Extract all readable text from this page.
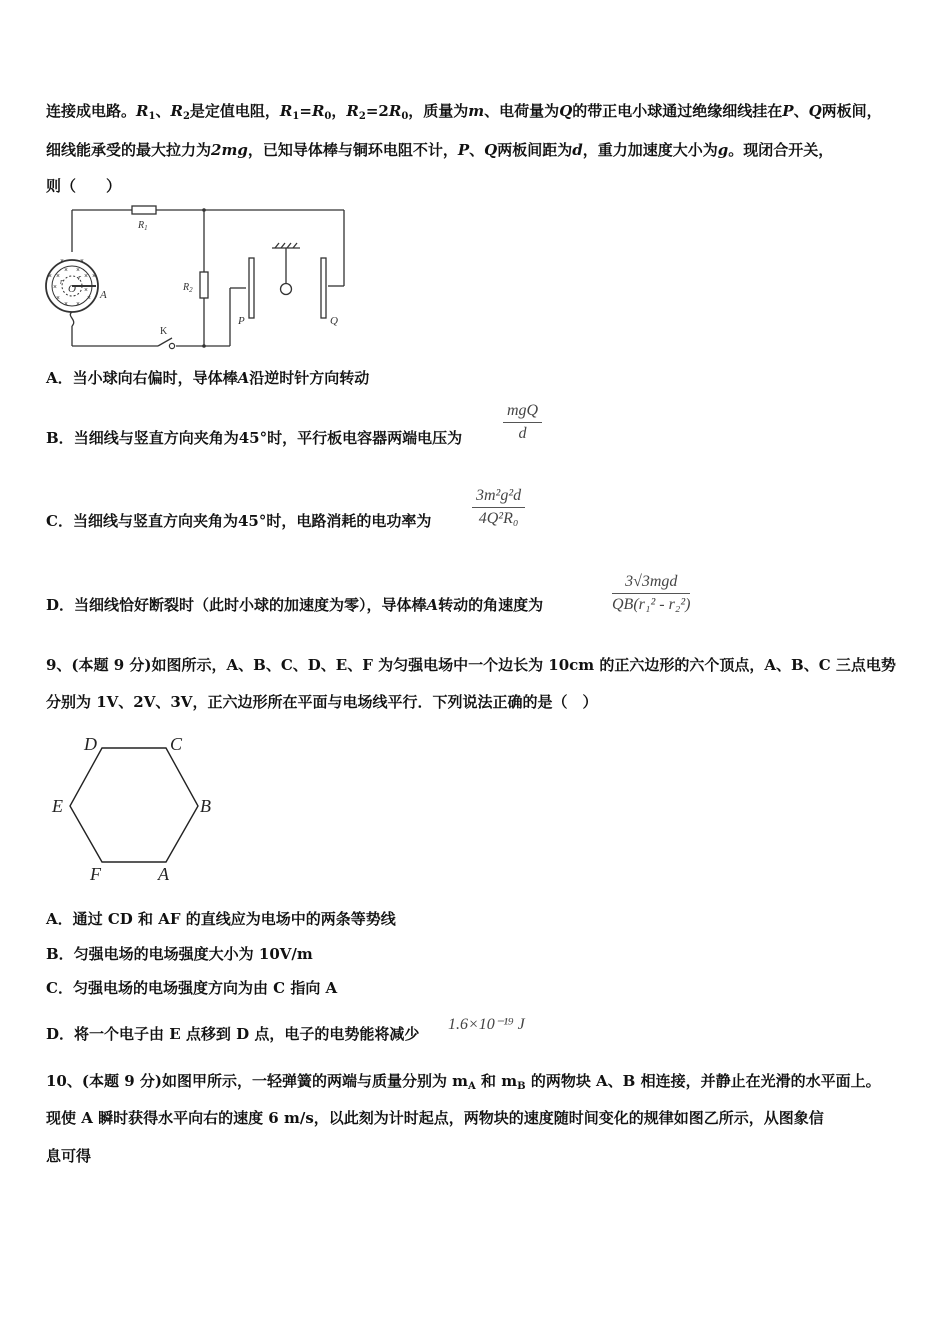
连接成电路。$R_1$、$R_2$是定值电阻，$R_1=R_0$，$R_2=2R_0$，质量为m、电荷量为Q的带正电小球通过绝缘细线挂在P、Q两板间，
细线能承受的最大拉力为2mg，已知导体棒与铜环电阻不计，P、Q两板间距为d，重力加速度大小为g。现闭合开关，
则（　　）
×
× ×
×
×
×
×
× ×
×
× ×
×	×
$R_1$
$R_2$
K
P	Q
A
O
r r
A．当小球向右偏时，导体棒A沿逆时针方向转动
B．当细线与竖直方向夹角为45°时，平行板电容器两端电压为
mgQ
d
C．当细线与竖直方向夹角为45°时，电路消耗的电功率为	$\frac{\text{3m²g²d}}{\text{4Q²R₀}}$
D．当细线恰好断裂时（此时小球的加速度为零），导体棒A转动的角速度为
3√3mgd
QB(r₁² - r₂²)
9、(本题 9 分)如图所示，A、B、C、D、E、F 为匀强电场中一个边长为 10cm 的正六边形的六个顶点，A、B、C 三点电势
分别为 1V、2V、3V，正六边形所在平面与电场线平行．下列说法正确的是（　）
D	C
E	B
F	A
A．通过 CD 和 AF 的直线应为电场中的两条等势线
B．匀强电场的电场强度大小为 10V/m
C．匀强电场的电场强度方向为由 C 指向 A
D．将一个电子由 E 点移到 D 点，电子的电势能将减少
1.6×10⁻¹⁹ J
10、(本题 9 分)如图甲所示，一轻弹簧的两端与质量分别为 $m_A$ 和 $m_B$ 的两物块 A、B 相连接，并静止在光滑的水平面上。
现使 A 瞬时获得水平向右的速度 6 m/s，以此刻为计时起点，两物块的速度随时间变化的规律如图乙所示，从图象信
息可得
